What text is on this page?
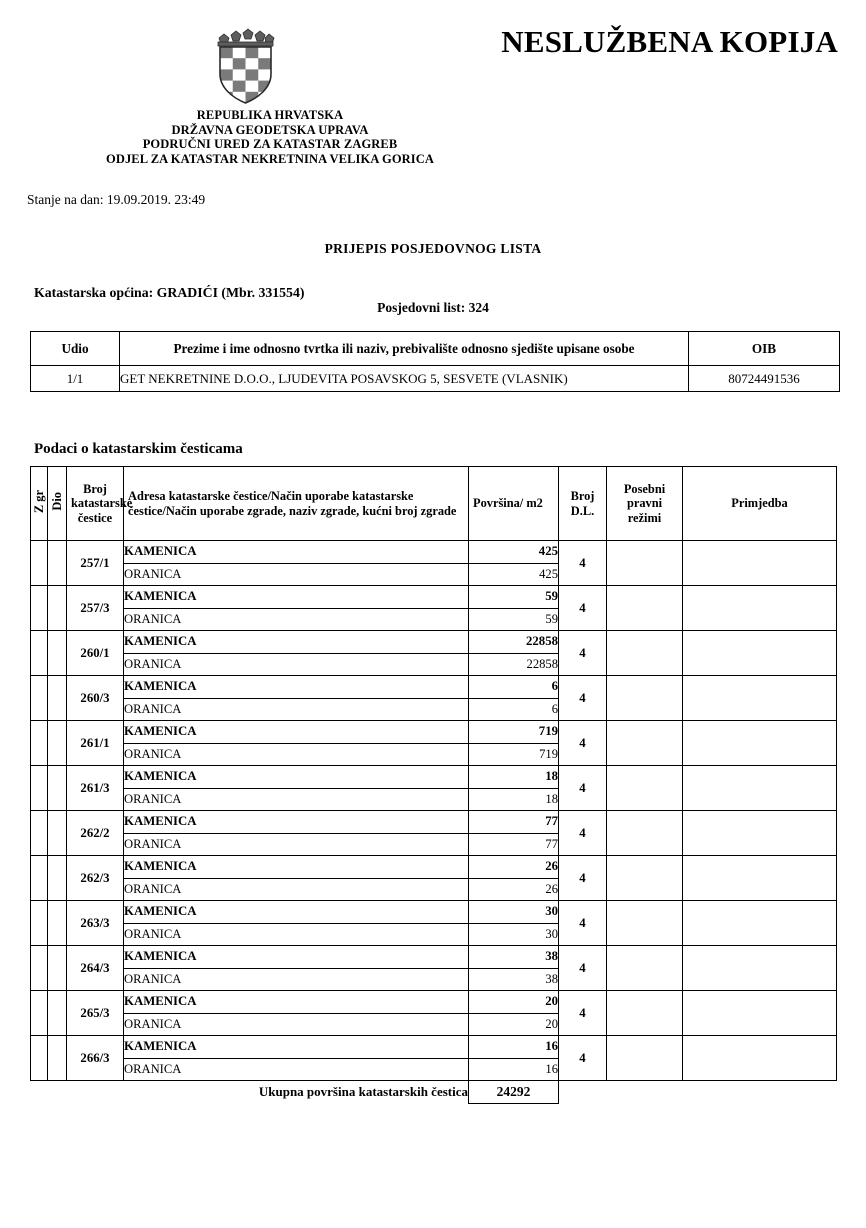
NESLUŽBENA KOPIJA
REPUBLIKA HRVATSKA
DRŽAVNA GEODETSKA UPRAVA
PODRUČNI URED ZA KATASTAR ZAGREB
ODJEL ZA KATASTAR NEKRETNINA VELIKA GORICA
Stanje na dan: 19.09.2019. 23:49
PRIJEPIS POSJEDOVNOG LISTA
Katastarska općina: GRADIĆI (Mbr. 331554)
Posjedovni list: 324
Udio	Prezime i ime odnosno tvrtka ili naziv, prebivalište odnosno sjedište upisane osobe	OIB
1/1	GET NEKRETNINE D.O.O., LJUDEVITA POSAVSKOG 5, SESVETE (VLASNIK)	80724491536
Podaci o katastarskim česticama
Z gr	Dio	Broj katastarske čestice	Adresa katastarske čestice/Način uporabe katastarske čestice/Način uporabe zgrade, naziv zgrade, kućni broj zgrade	Površina/ m2	Broj D.L.	Posebni pravni režimi	Primjedba
		257/1	KAMENICA	425	4		
			ORANICA	425			
		257/3	KAMENICA	59	4		
			ORANICA	59			
		260/1	KAMENICA	22858	4		
			ORANICA	22858			
		260/3	KAMENICA	6	4		
			ORANICA	6			
		261/1	KAMENICA	719	4		
			ORANICA	719			
		261/3	KAMENICA	18	4		
			ORANICA	18			
		262/2	KAMENICA	77	4		
			ORANICA	77			
		262/3	KAMENICA	26	4		
			ORANICA	26			
		263/3	KAMENICA	30	4		
			ORANICA	30			
		264/3	KAMENICA	38	4		
			ORANICA	38			
		265/3	KAMENICA	20	4		
			ORANICA	20			
		266/3	KAMENICA	16	4		
			ORANICA	16			
			Ukupna površina katastarskih čestica	24292			
